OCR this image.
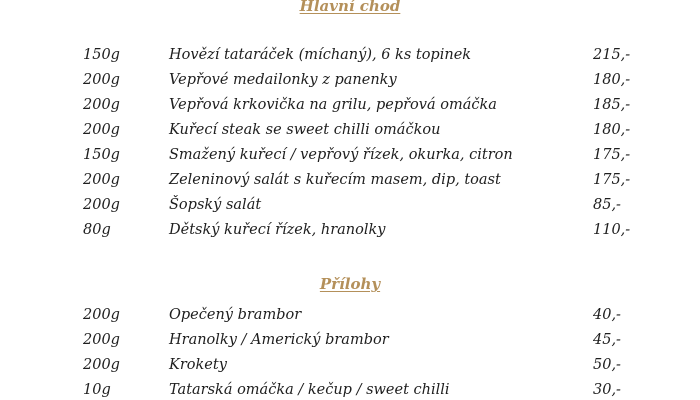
Hlavní chod
150g	Hovězí tataráček (míchaný), 6 ks topinek	215,-
200g	Vepřové medailonky z panenky	180,-
200g	Vepřová krkovička na grilu, pepřová omáčka	185,-
200g	Kuřecí steak se sweet chilli omáčkou	180,-
150g	Smažený kuřecí / vepřový řízek, okurka, citron	175,-
200g	Zeleninový salát s kuřecím masem, dip, toast	175,-
200g	Šopský salát	85,-
80g	Dětský kuřecí řízek, hranolky	110,-
Přílohy
200g	Opečený brambor	40,-
200g	Hranolky / Americký brambor	45,-
200g	Krokety	50,-
10g	Tatarská omáčka / kečup / sweet chilli	30,-
